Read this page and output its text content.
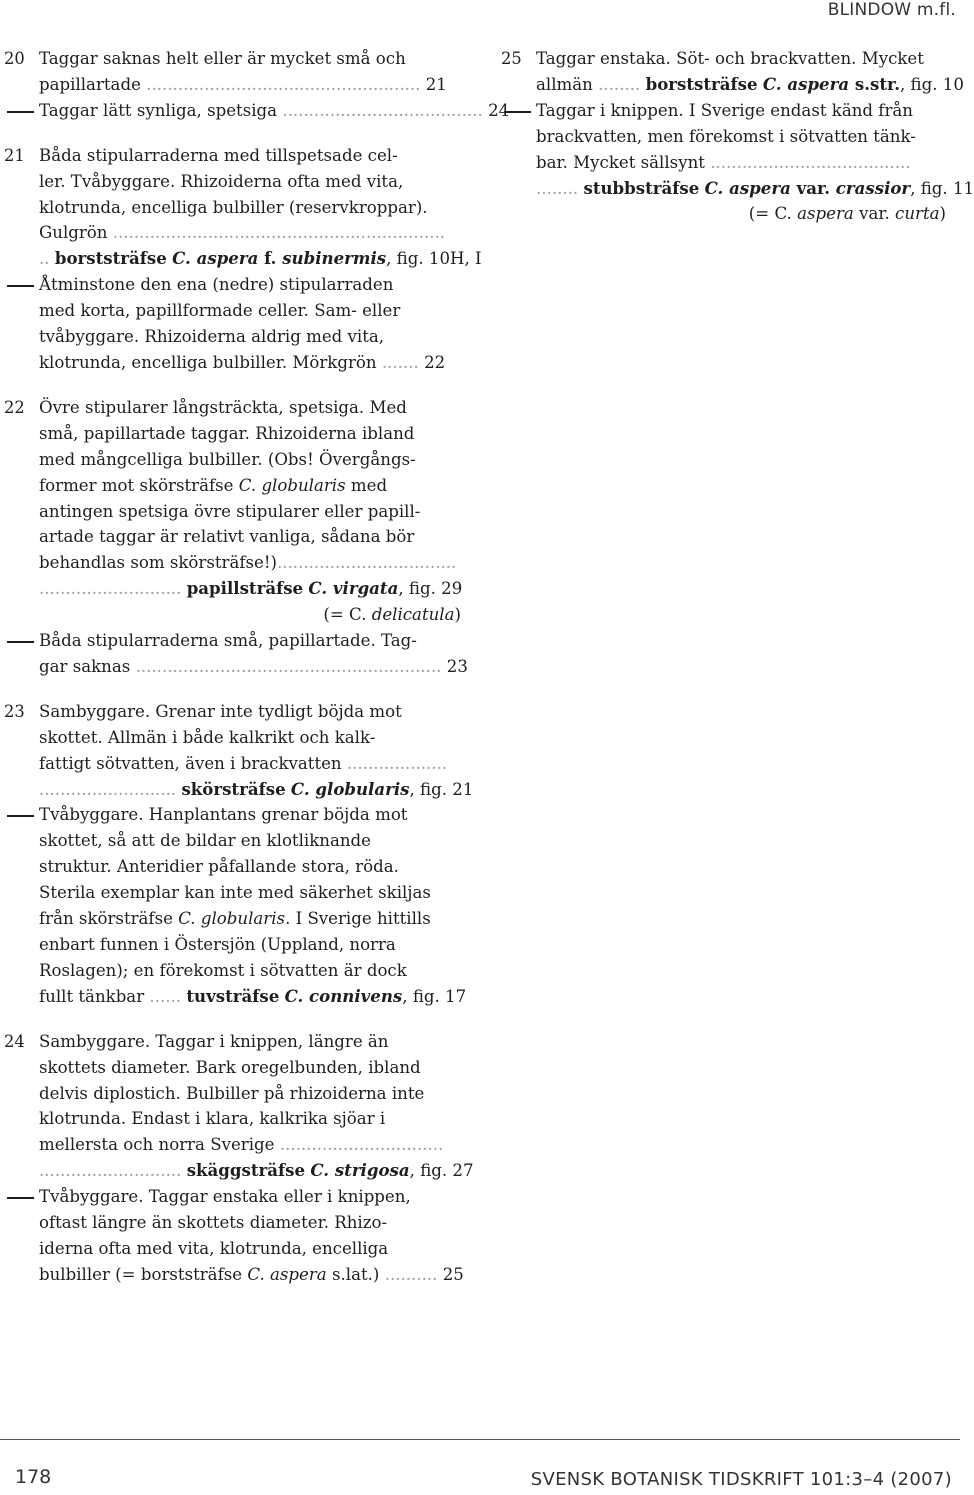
BLINDOW m.fl.
20 Taggar saknas helt eller är mycket små och
papillartade .................................................... 21
Taggar lätt synliga, spetsiga ...................................... 24
21 Båda stipularraderna med tillspetsade cel-
ler. Tvåbyggare. Rhizoiderna ofta med vita,
klotrunda, encelliga bulbiller (reservkroppar).
Gulgrön ...............................................................
.. borststräfse C. aspera f. subinermis, fig. 10H, I
Åtminstone den ena (nedre) stipularraden
med korta, papillformade celler. Sam- eller
tvåbyggare. Rhizoiderna aldrig med vita,
klotrunda, encelliga bulbiller. Mörkgrön ....... 22
22 Övre stipularer långsträckta, spetsiga. Med
små, papillartade taggar. Rhizoiderna ibland
med mångcelliga bulbiller. (Obs! Övergångs-
former mot skörsträfse C. globularis med
antingen spetsiga övre stipularer eller papill-
artade taggar är relativt vanliga, sådana bör
behandlas som skörsträfse!)..................................
........................... papillsträfse C. virgata, fig. 29
(= C. delicatula)
Båda stipularraderna små, papillartade. Tag-
gar saknas .......................................................... 23
23 Sambyggare. Grenar inte tydligt böjda mot
skottet. Allmän i både kalkrikt och kalk-
fattigt sötvatten, även i brackvatten ...................
.......................... skörsträfse C. globularis, fig. 21
Tvåbyggare. Hanplantans grenar böjda mot
skottet, så att de bildar en klotliknande
struktur. Anteridier påfallande stora, röda.
Sterila exemplar kan inte med säkerhet skiljas
från skörsträfse C. globularis. I Sverige hittills
enbart funnen i Östersjön (Uppland, norra
Roslagen); en förekomst i sötvatten är dock
fullt tänkbar ...... tuvsträfse C. connivens, fig. 17
24 Sambyggare. Taggar i knippen, längre än
skottets diameter. Bark oregelbunden, ibland
delvis diplostich. Bulbiller på rhizoiderna inte
klotrunda. Endast i klara, kalkrika sjöar i
mellersta och norra Sverige ...............................
........................... skäggsträfse C. strigosa, fig. 27
Tvåbyggare. Taggar enstaka eller i knippen,
oftast längre än skottets diameter. Rhizo-
iderna ofta med vita, klotrunda, encelliga
bulbiller (= borststräfse C. aspera s.lat.) .......... 25
25 Taggar enstaka. Söt- och brackvatten. Mycket
allmän ........ borststräfse C. aspera s.str., fig. 10
Taggar i knippen. I Sverige endast känd från
brackvatten, men förekomst i sötvatten tänk-
bar. Mycket sällsynt ......................................
........ stubbsträfse C. aspera var. crassior, fig. 11
(= C. aspera var. curta)
178	SVENSK BOTANISK TIDSKRIFT 101:3–4 (2007)
